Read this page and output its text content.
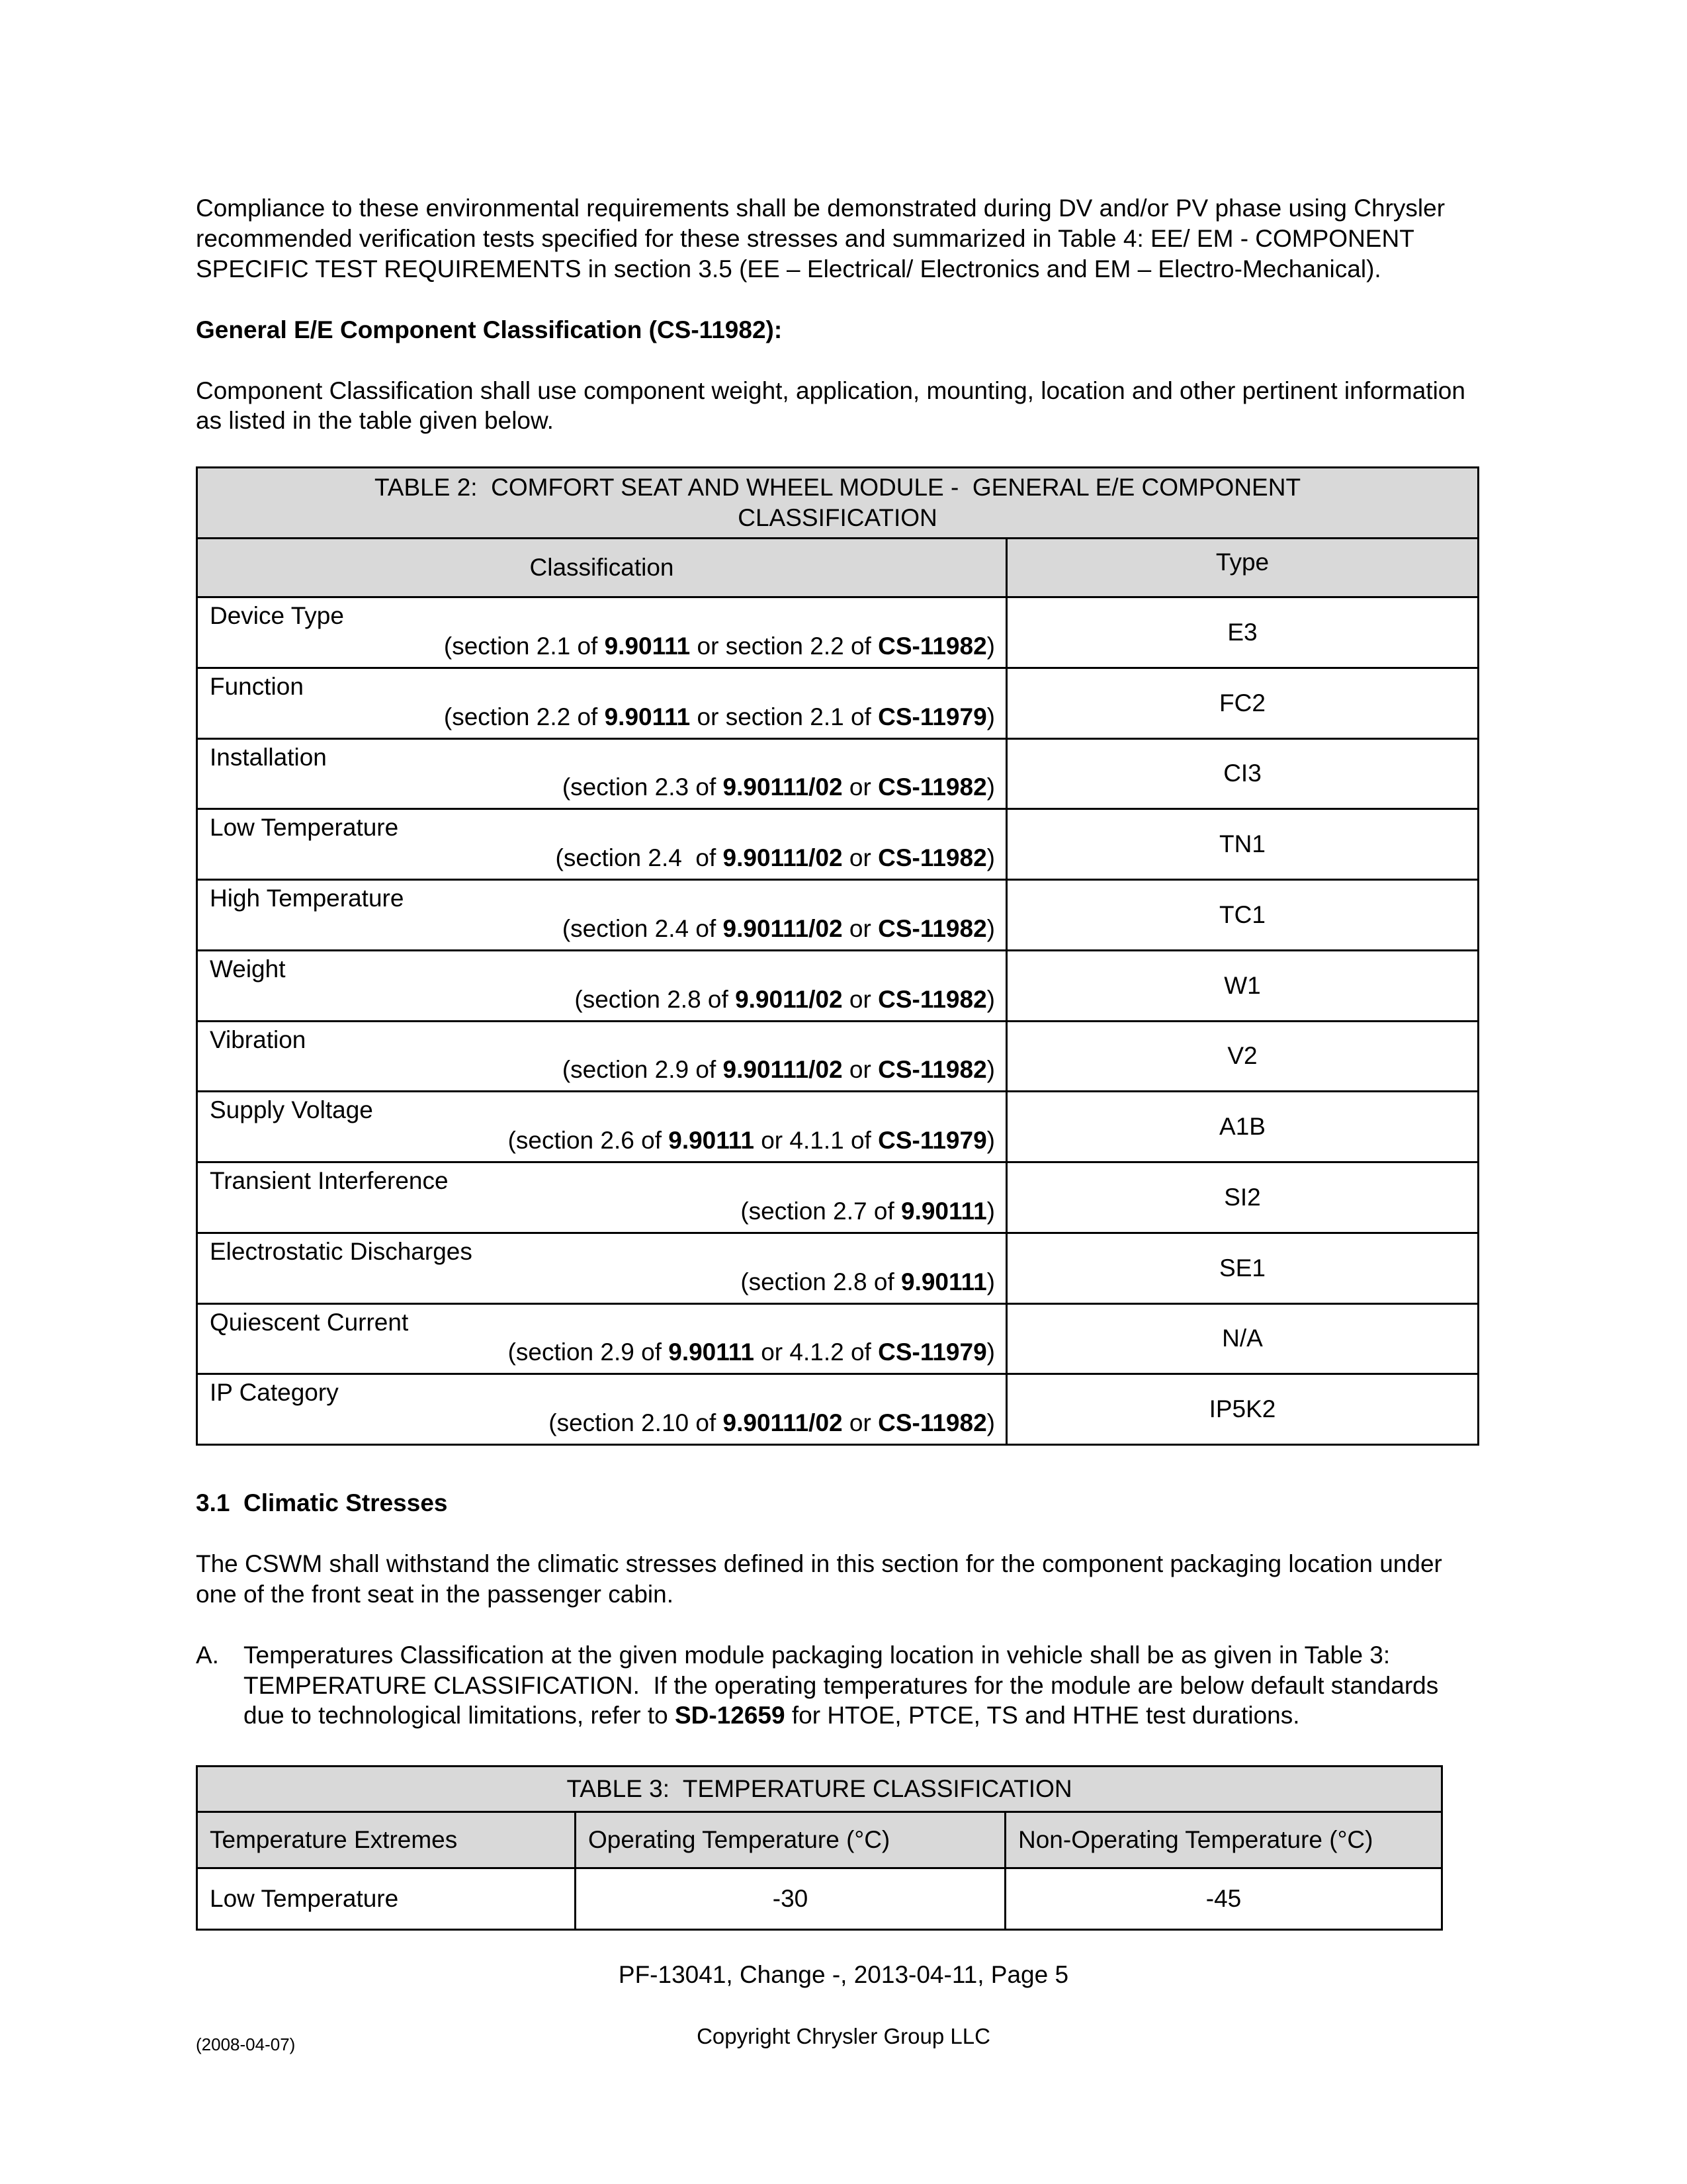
Compliance to these environmental requirements shall be demonstrated during DV and/or PV phase using Chrysler recommended verification tests specified for these stresses and summarized in Table 4: EE/ EM - COMPONENT SPECIFIC TEST REQUIREMENTS in section 3.5 (EE – Electrical/ Electronics and EM – Electro-Mechanical).

General E/E Component Classification (CS-11982):

Component Classification shall use component weight, application, mounting, location and other pertinent information as listed in the table given below.

TABLE 2:  COMFORT SEAT AND WHEEL MODULE -  GENERAL E/E COMPONENT CLASSIFICATION	

Classification	Type

Device Type
(section 2.1 of 9.90111 or section 2.2 of CS-11982)	E3

Function
(section 2.2 of 9.90111 or section 2.1 of CS-11979)	FC2

Installation
(section 2.3 of 9.90111/02 or CS-11982)	CI3

Low Temperature
(section 2.4  of 9.90111/02 or CS-11982)	TN1

High Temperature
(section 2.4 of 9.90111/02 or CS-11982)	TC1

Weight
(section 2.8 of 9.9011/02 or CS-11982)	W1

Vibration
(section 2.9 of 9.90111/02 or CS-11982)	V2

Supply Voltage
(section 2.6 of 9.90111 or 4.1.1 of CS-11979)	A1B

Transient Interference
(section 2.7 of 9.90111)	SI2

Electrostatic Discharges
(section 2.8 of 9.90111)	SE1

Quiescent Current
(section 2.9 of 9.90111 or 4.1.2 of CS-11979)	N/A

IP Category
(section 2.10 of 9.90111/02 or CS-11982)	IP5K2

3.1  Climatic Stresses

The CSWM shall withstand the climatic stresses defined in this section for the component packaging location under one of the front seat in the passenger cabin.

A.	Temperatures Classification at the given module packaging location in vehicle shall be as given in Table 3: TEMPERATURE CLASSIFICATION.  If the operating temperatures for the module are below default standards due to technological limitations, refer to SD-12659 for HTOE, PTCE, TS and HTHE test durations.
TABLE 3:  TEMPERATURE CLASSIFICATION		
Temperature Extremes	Operating Temperature (°C)	Non-Operating Temperature (°C)
Low Temperature	-30	-45

PF-13041, Change -, 2013-04-11, Page 5

Copyright Chrysler Group LLC

(2008-04-07)
